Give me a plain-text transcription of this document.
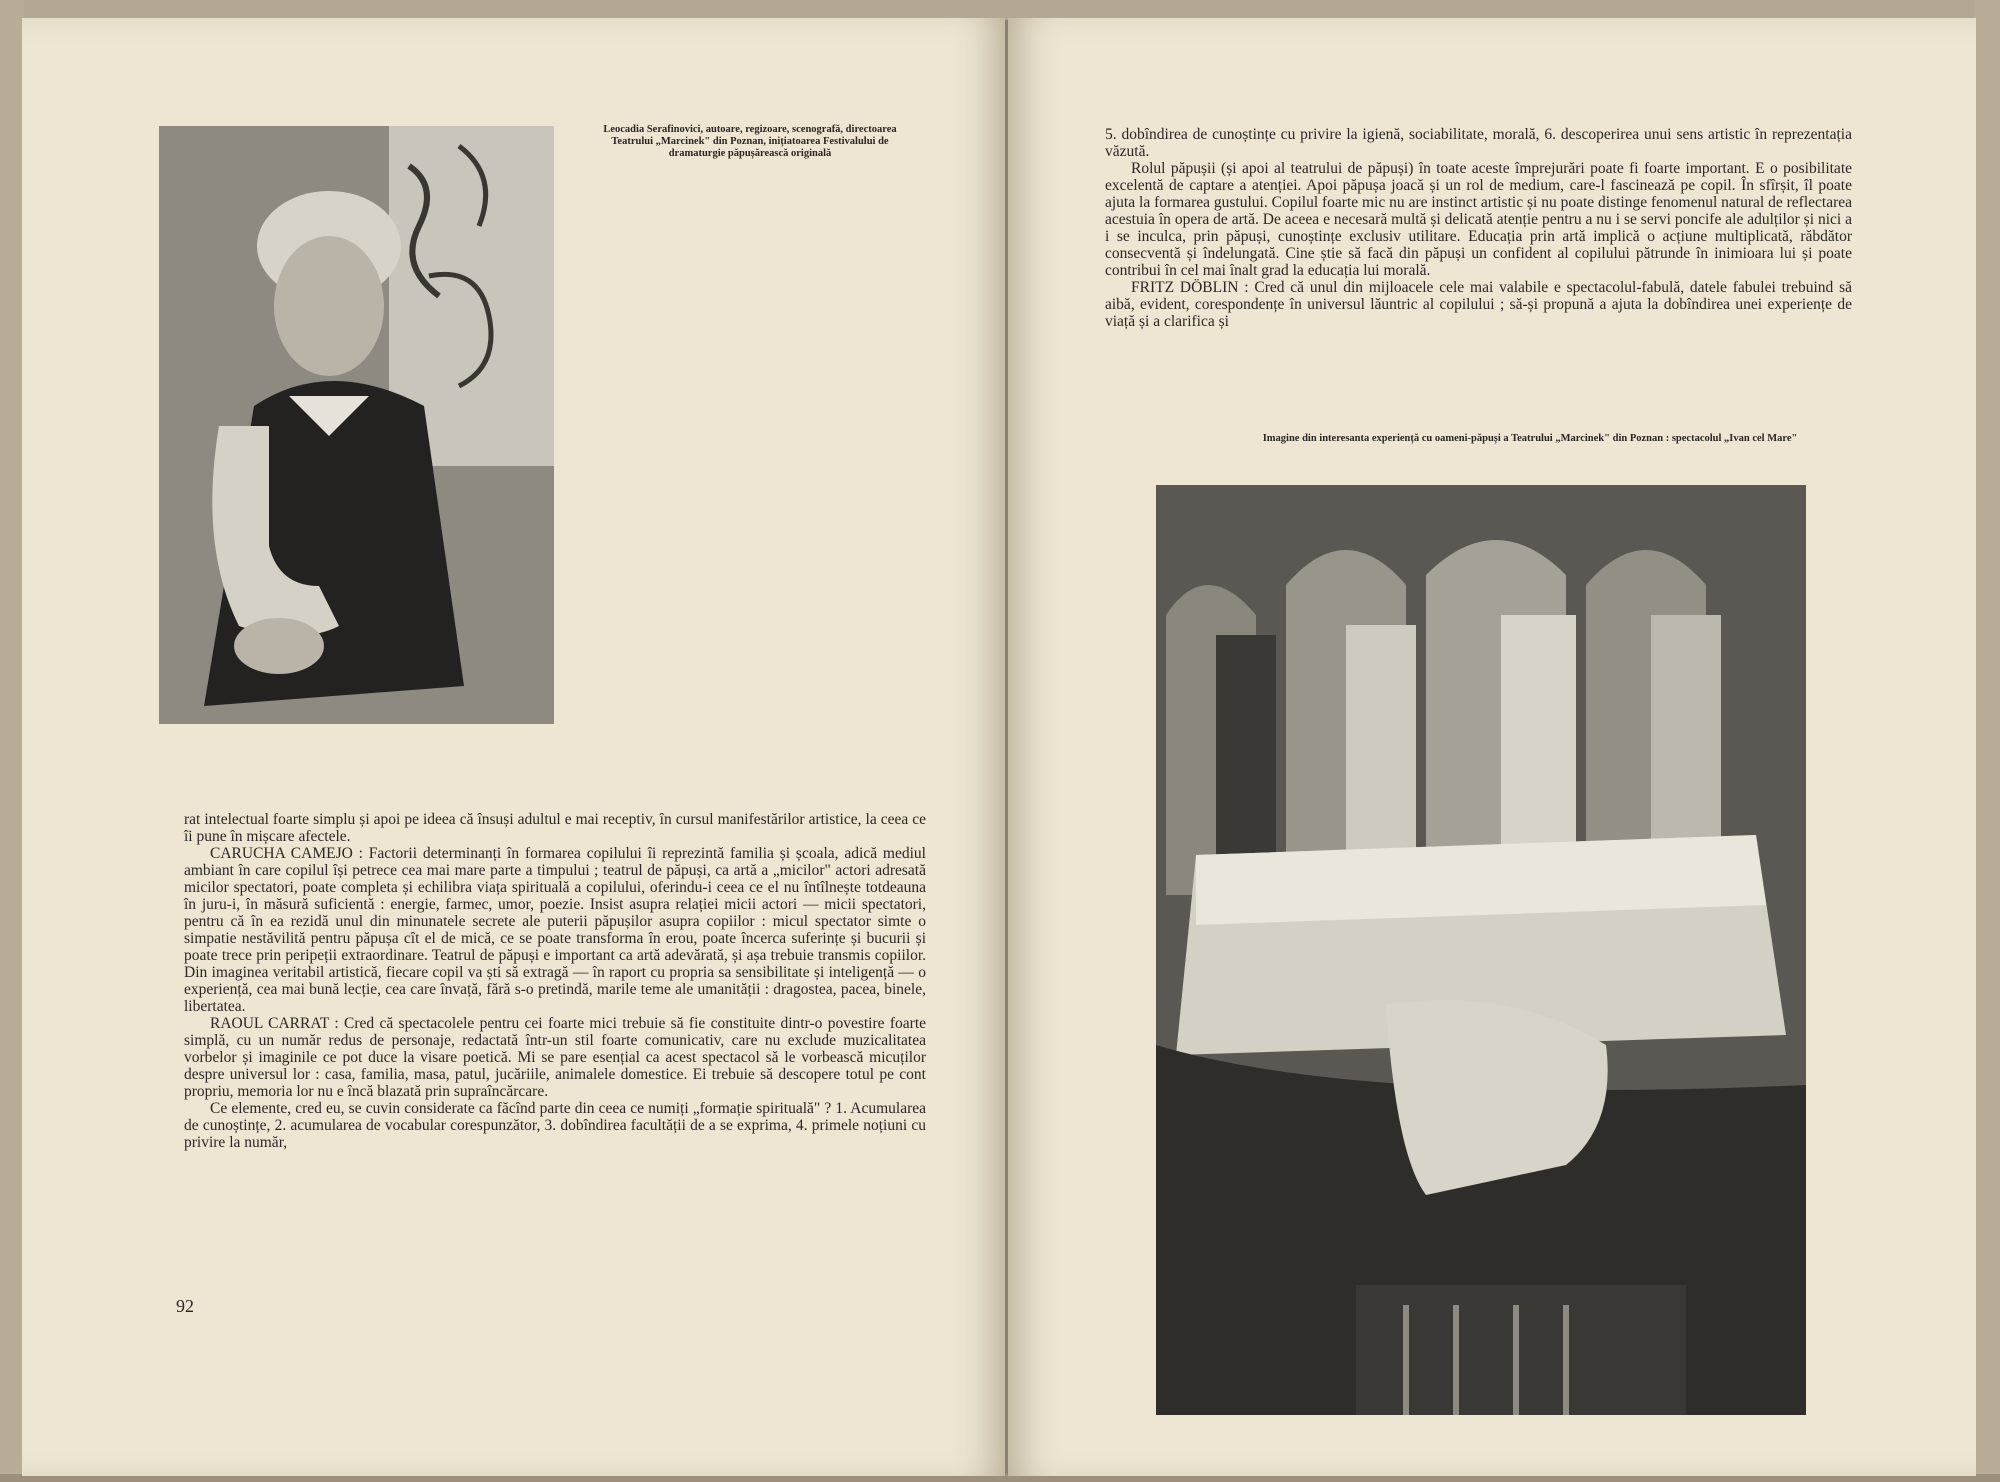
Leocadia Serafinovici, autoare, regizoare, scenografă, directoarea Teatrului „Marcinek" din Poznan, inițiatoarea Festivalului de dramaturgie păpușărească originală

rat intelectual foarte simplu și apoi pe ideea că însuși adultul e mai receptiv, în cursul manifestărilor artistice, la ceea ce îi pune în mișcare afectele.

CARUCHA CAMEJO : Factorii determinanți în formarea copilului îi reprezintă familia și școala, adică mediul ambiant în care copilul își petrece cea mai mare parte a timpului ; teatrul de păpuși, ca artă a „micilor" actori adresată micilor spectatori, poate completa și echilibra viața spirituală a copilului, oferindu-i ceea ce el nu întîlnește totdeauna în juru-i, în măsură suficientă : energie, farmec, umor, poezie. Insist asupra relației micii actori — micii spectatori, pentru că în ea rezidă unul din minunatele secrete ale puterii păpușilor asupra copiilor : micul spectator simte o simpatie nestăvilită pentru păpușa cît el de mică, ce se poate transforma în erou, poate încerca suferințe și bucurii și poate trece prin peripeții extraordinare. Teatrul de păpuși e important ca artă adevărată, și așa trebuie transmis copiilor. Din imaginea veritabil artistică, fiecare copil va ști să extragă — în raport cu propria sa sensibilitate și inteligență — o experiență, cea mai bună lecție, cea care învață, fără s-o pretindă, marile teme ale umanității : dragostea, pacea, binele, libertatea.

RAOUL CARRAT : Cred că spectacolele pentru cei foarte mici trebuie să fie constituite dintr-o povestire foarte simplă, cu un număr redus de personaje, redactată într-un stil foarte comunicativ, care nu exclude muzicalitatea vorbelor și imaginile ce pot duce la visare poetică. Mi se pare esențial ca acest spectacol să le vorbească micuților despre universul lor : casa, familia, masa, patul, jucăriile, animalele domestice. Ei trebuie să descopere totul pe cont propriu, memoria lor nu e încă blazată prin supraîncărcare.

Ce elemente, cred eu, se cuvin considerate ca făcînd parte din ceea ce numiți „formație spirituală" ? 1. Acumularea de cunoștințe, 2. acumularea de vocabular corespunzător, 3. dobîndirea facultății de a se exprima, 4. primele noțiuni cu privire la număr,

92

5. dobîndirea de cunoștințe cu privire la igienă, sociabilitate, morală, 6. descoperirea unui sens artistic în reprezentația văzută.

Rolul păpușii (și apoi al teatrului de păpuși) în toate aceste împrejurări poate fi foarte important. E o posibilitate excelentă de captare a atenției. Apoi păpușa joacă și un rol de medium, care-l fascinează pe copil. În sfîrșit, îl poate ajuta la formarea gustului. Copilul foarte mic nu are instinct artistic și nu poate distinge fenomenul natural de reflectarea acestuia în opera de artă. De aceea e necesară multă și delicată atenție pentru a nu i se servi poncife ale adulților și nici a i se inculca, prin păpuși, cunoștințe exclusiv utilitare. Educația prin artă implică o acțiune multiplicată, răbdător consecventă și îndelungată. Cine știe să facă din păpuși un confident al copilului pătrunde în inimioara lui și poate contribui în cel mai înalt grad la educația lui morală.

FRITZ DÖBLIN : Cred că unul din mijloacele cele mai valabile e spectacolul-fabulă, datele fabulei trebuind să aibă, evident, corespondențe în universul lăuntric al copilului ; să-și propună a ajuta la dobîndirea unei experiențe de viață și a clarifica și

Imagine din interesanta experiență cu oameni-păpuși a Teatrului „Marcinek" din Poznan : spectacolul „Ivan cel Mare"
